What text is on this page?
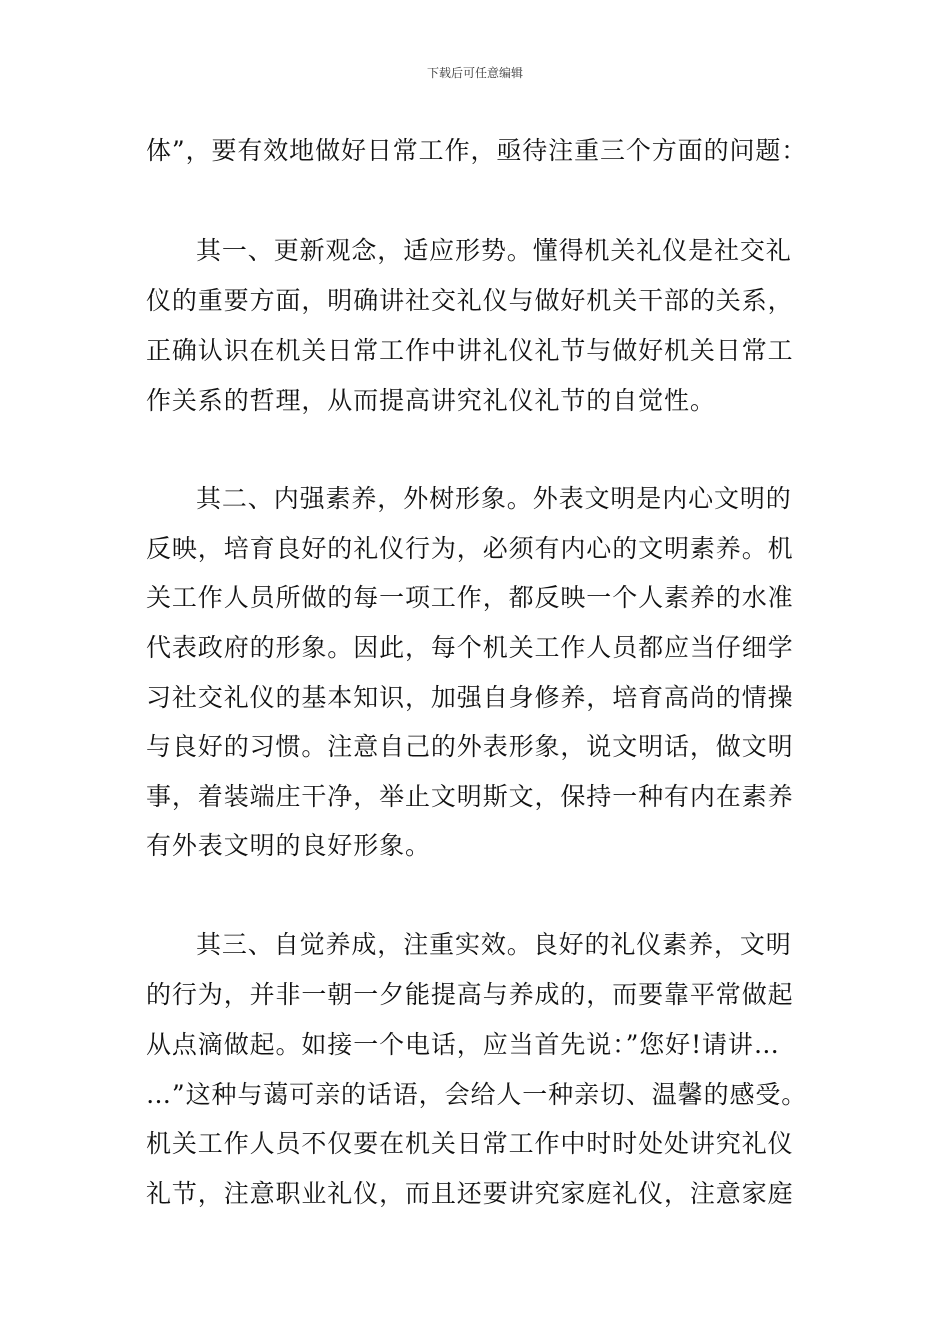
下载后可任意编辑
体”，要有效地做好日常工作，亟待注重三个方面的问题：
其一、更新观念，适应形势。懂得机关礼仪是社交礼
仪的重要方面，明确讲社交礼仪与做好机关干部的关系，
正确认识在机关日常工作中讲礼仪礼节与做好机关日常工
作关系的哲理，从而提高讲究礼仪礼节的自觉性。
其二、内强素养，外树形象。外表文明是内心文明的
反映，培育良好的礼仪行为，必须有内心的文明素养。机
关工作人员所做的每一项工作，都反映一个人素养的水准
代表政府的形象。因此，每个机关工作人员都应当仔细学
习社交礼仪的基本知识，加强自身修养，培育高尚的情操
与良好的习惯。注意自己的外表形象，说文明话，做文明
事，着装端庄干净，举止文明斯文，保持一种有内在素养
有外表文明的良好形象。
其三、自觉养成，注重实效。良好的礼仪素养，文明
的行为，并非一朝一夕能提高与养成的，而要靠平常做起
从点滴做起。如接一个电话，应当首先说：”您好!请讲…
…”这种与蔼可亲的话语，会给人一种亲切、温馨的感受。
机关工作人员不仅要在机关日常工作中时时处处讲究礼仪
礼节，注意职业礼仪，而且还要讲究家庭礼仪，注意家庭
